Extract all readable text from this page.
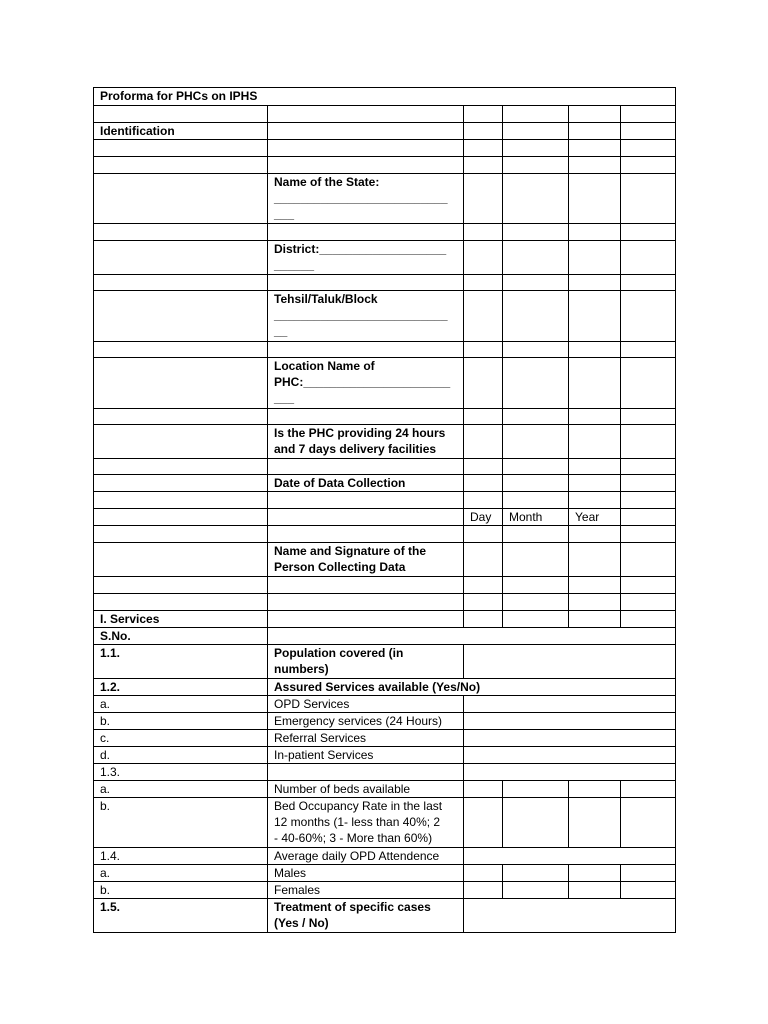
Proforma for PHCs on IPHS					

Identification					

	Name of the State:
__________________________
___				

	District:___________________
______				

	Tehsil/Taluk/Block
__________________________
__				

	Location Name of
PHC:______________________
___				

	Is the PHC providing 24 hours
and 7 days delivery facilities				

	Date of Data Collection				

		Day	Month	Year	

	Name and Signature of the
Person Collecting Data				

I. Services					
S.No.					
1.1.	Population covered (in
numbers)				
1.2.	Assured Services available (Yes/No)				
a.	OPD Services				
b.	Emergency services (24 Hours)				
c.	Referral Services				
d.	In-patient Services				
1.3.					
a.	Number of beds available				
b.	Bed Occupancy Rate in the last
12 months (1- less than 40%; 2
- 40-60%; 3 - More than 60%)				
1.4.	Average daily OPD Attendence				
a.	Males				
b.	Females				
1.5.	Treatment of specific cases
(Yes / No)				
